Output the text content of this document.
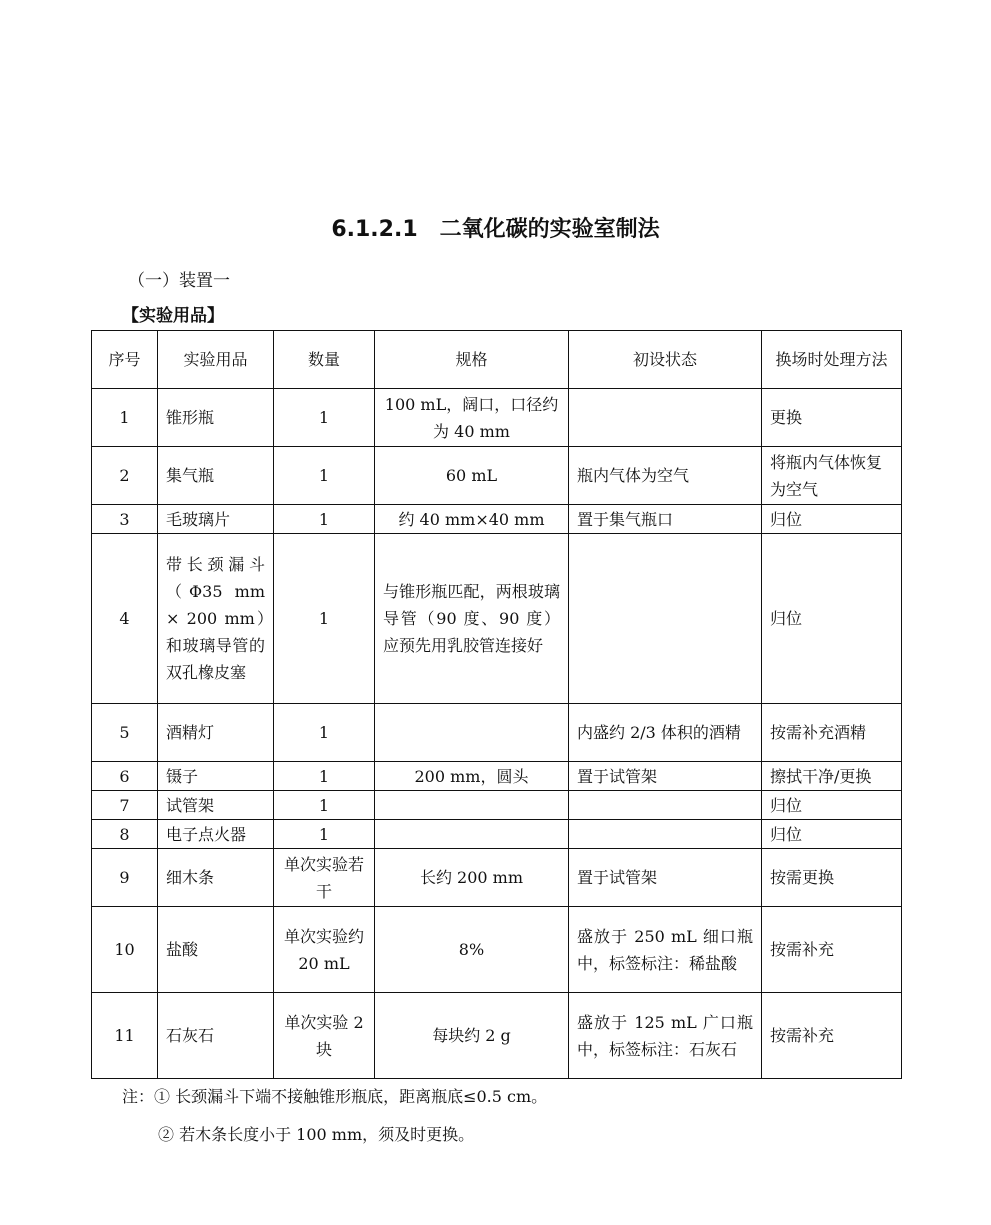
6.1.2.1 二氧化碳的实验室制法
（一）装置一
【实验用品】
序号	实验用品	数量	规格	初设状态	换场时处理方法
1	锥形瓶	1	100 mL，阔口，口径约为 40 mm		更换
2	集气瓶	1	60 mL	瓶内气体为空气	将瓶内气体恢复为空气
3	毛玻璃片	1	约 40 mm×40 mm	置于集气瓶口	归位
4	带长颈漏斗（Φ35 mm × 200 mm）和玻璃导管的双孔橡皮塞	1	与锥形瓶匹配，两根玻璃导管（90 度、90 度）应预先用乳胶管连接好		归位
5	酒精灯	1		内盛约 2/3 体积的酒精	按需补充酒精
6	镊子	1	200 mm，圆头	置于试管架	擦拭干净/更换
7	试管架	1			归位
8	电子点火器	1			归位
9	细木条	单次实验若干	长约 200 mm	置于试管架	按需更换
10	盐酸	单次实验约 20 mL	8%	盛放于 250 mL 细口瓶中，标签标注：稀盐酸	按需补充
11	石灰石	单次实验 2 块	每块约 2 g	盛放于 125 mL 广口瓶中，标签标注：石灰石	按需补充
注：① 长颈漏斗下端不接触锥形瓶底，距离瓶底≤0.5 cm。
② 若木条长度小于 100 mm，须及时更换。
